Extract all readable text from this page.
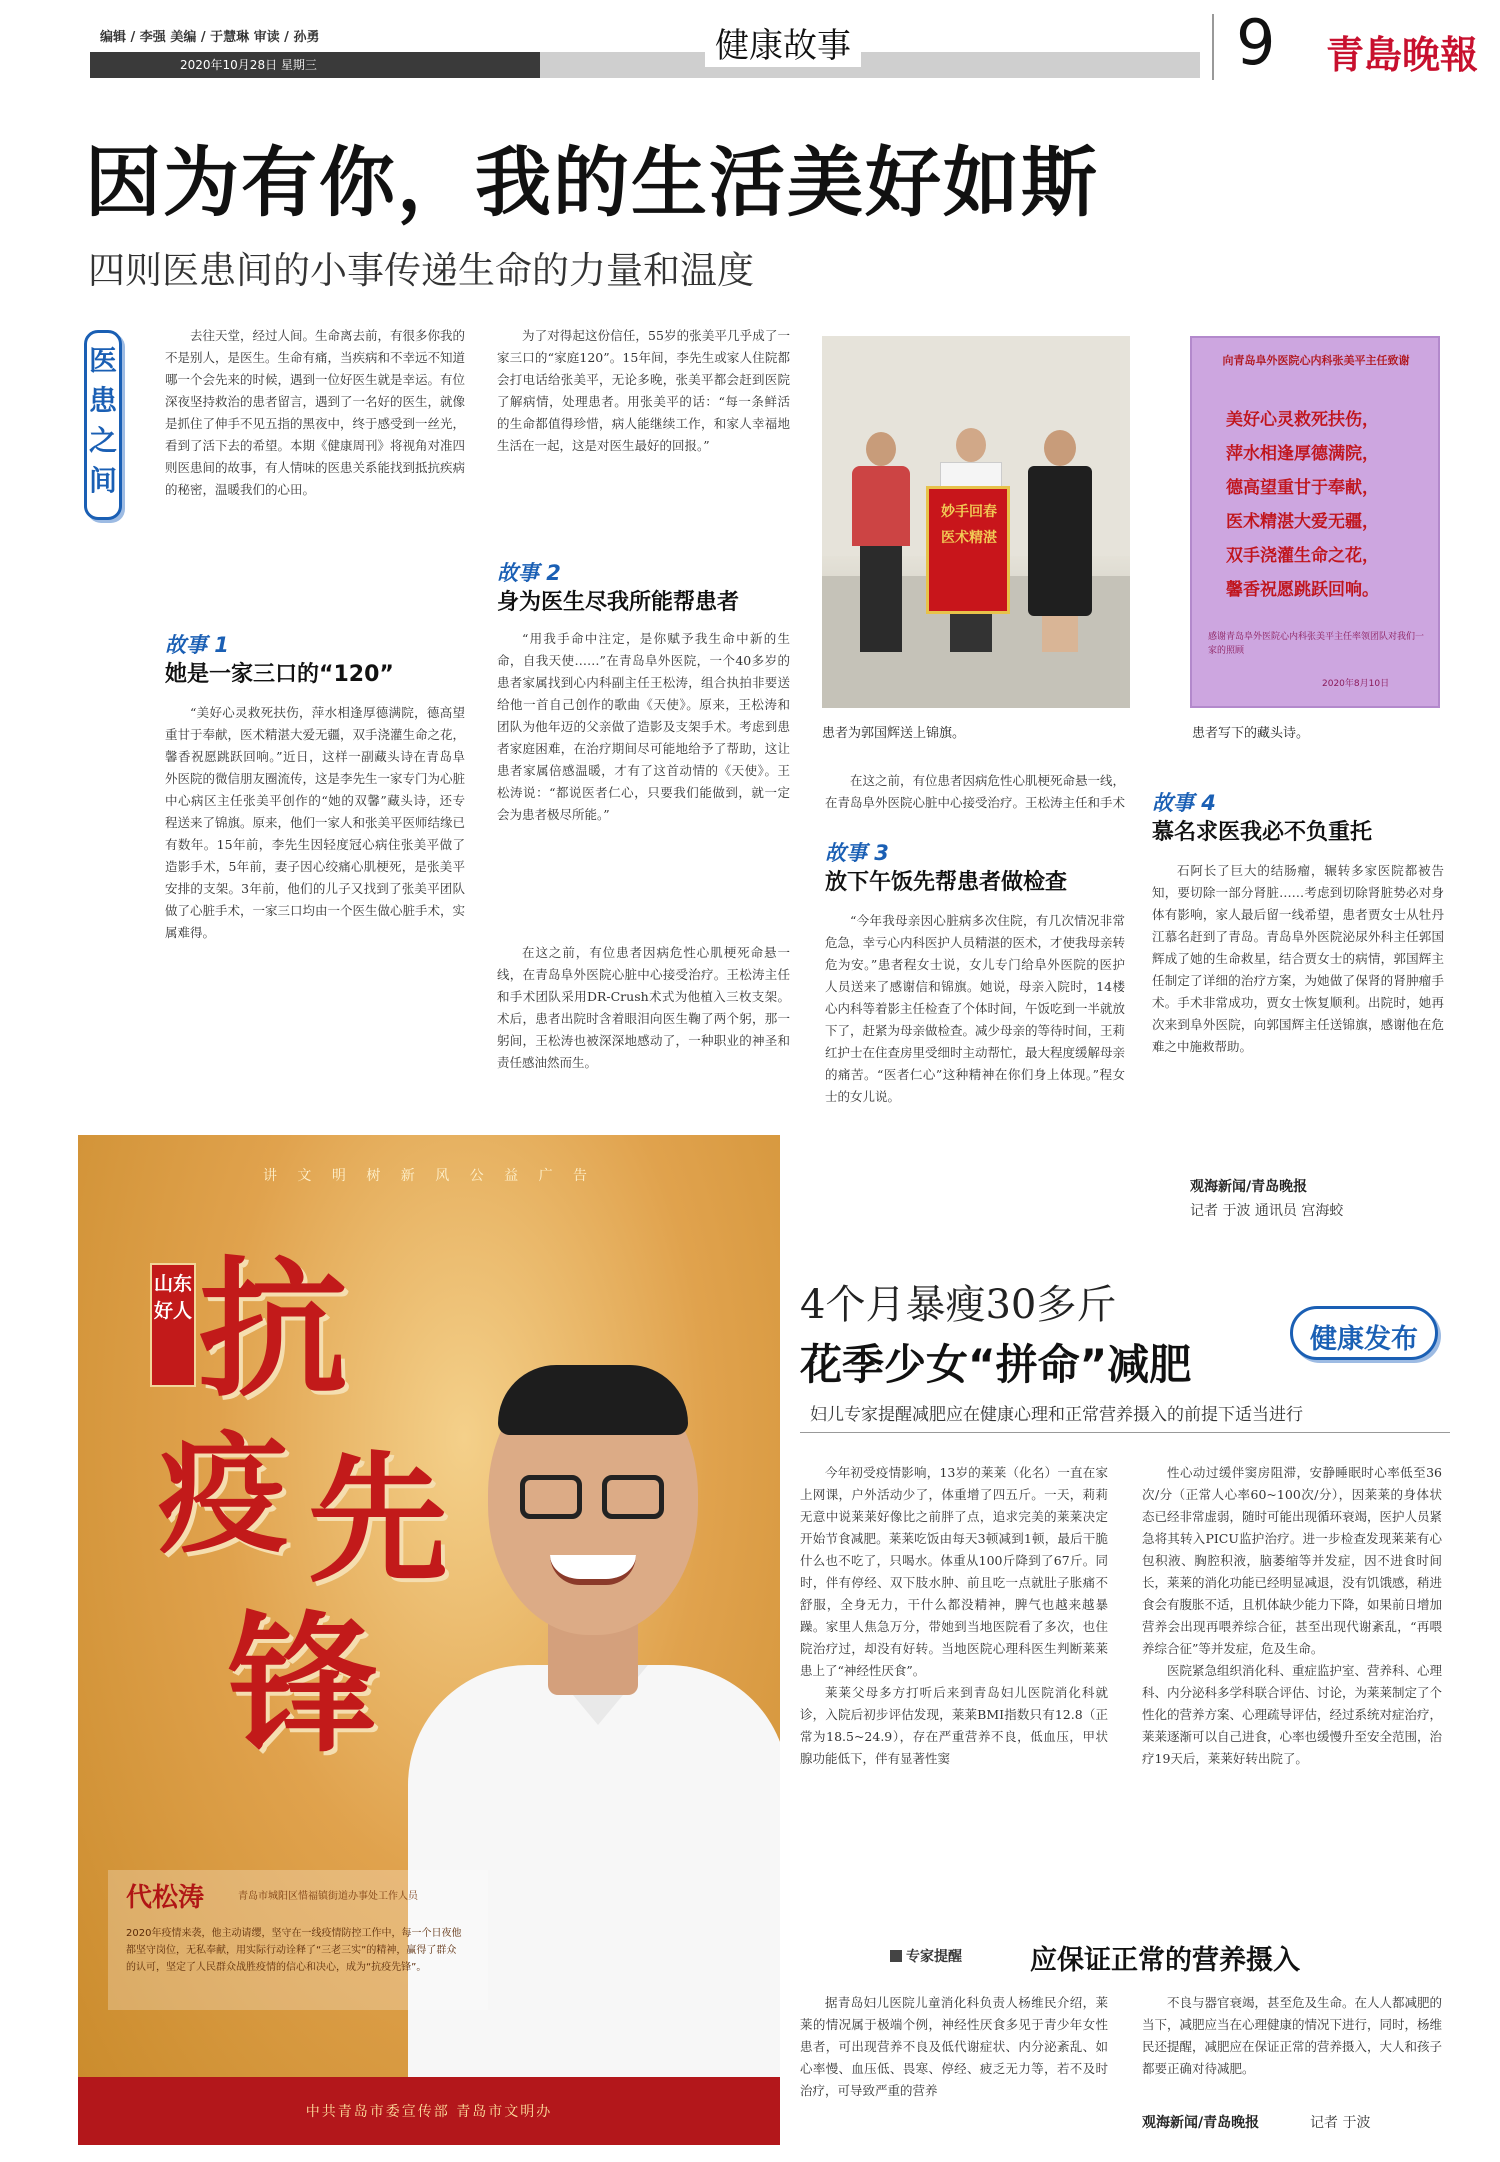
编辑 / 李强 美编 / 于慧琳 审读 / 孙勇
2020年10月28日 星期三	健康故事	9 青島晚報
因为有你，我的生活美好如斯
四则医患间的小事传递生命的力量和温度
医患之间

去往天堂，经过人间。生命离去前，有很多你我的不是别人，是医生。生命有痛，当疾病和不幸远不知道哪一个会先来的时候，遇到一位好医生就是幸运。有位深夜坚持救治的患者留言，遇到了一名好的医生，就像是抓住了伸手不见五指的黑夜中，终于感受到一丝光，看到了活下去的希望。本期《健康周刊》将视角对准四则医患间的故事，有人情味的医患关系能找到抵抗疾病的秘密，温暖我们的心田。

故事 1
她是一家三口的“120”

“美好心灵救死扶伤，萍水相逢厚德满院，德高望重甘于奉献，医术精湛大爱无疆，双手浇灌生命之花，馨香祝愿跳跃回响。”近日，这样一副藏头诗在青岛阜外医院的微信朋友圈流传，这是李先生一家专门为心脏中心病区主任张美平创作的“她的双馨”藏头诗，还专程送来了锦旗。原来，他们一家人和张美平医师结缘已有数年。15年前，李先生因轻度冠心病住张美平做了造影手术，5年前，妻子因心绞痛心肌梗死，是张美平安排的支架。3年前，他们的儿子又找到了张美平团队做了心脏手术，一家三口均由一个医生做心脏手术，实属难得。

为了对得起这份信任，55岁的张美平几乎成了一家三口的“家庭120”。15年间，李先生或家人住院都会打电话给张美平，无论多晚，张美平都会赶到医院了解病情，处理患者。用张美平的话：“每一条鲜活的生命都值得珍惜，病人能继续工作，和家人幸福地生活在一起，这是对医生最好的回报。”

故事 2
身为医生尽我所能帮患者

“用我手命中注定，是你赋予我生命中新的生命，自我天使……”在青岛阜外医院，一个40多岁的患者家属找到心内科副主任王松涛，组合执拍非要送给他一首自己创作的歌曲《天使》。原来，王松涛和团队为他年迈的父亲做了造影及支架手术。考虑到患者家庭困难，在治疗期间尽可能地给予了帮助，这让患者家属倍感温暖，才有了这首动情的《天使》。王松涛说：“都说医者仁心，只要我们能做到，就一定会为患者极尽所能。”

在这之前，有位患者因病危性心肌梗死命悬一线，在青岛阜外医院心脏中心接受治疗。王松涛主任和手术团队采用DR-Crush术式为他植入三枚支架。术后，患者出院时含着眼泪向医生鞠了两个躬，那一躬间，王松涛也被深深地感动了，一种职业的神圣和责任感油然而生。

妙手回春医术精湛
患者为郭国辉送上锦旗。
向青岛阜外医院心内科张美平主任致谢
美好心灵救死扶伤，
萍水相逢厚德满院，
德高望重甘于奉献，
医术精湛大爱无疆，
双手浇灌生命之花，
馨香祝愿跳跃回响。
感谢青岛阜外医院心内科张美平主任率领团队对我们一家的照顾
2020年8月10日
患者写下的藏头诗。

在这之前，有位患者因病危性心肌梗死命悬一线，在青岛阜外医院心脏中心接受治疗。王松涛主任和手术

故事 3
放下午饭先帮患者做检查

“今年我母亲因心脏病多次住院，有几次情况非常危急，幸亏心内科医护人员精湛的医术，才使我母亲转危为安。”患者程女士说，女儿专门给阜外医院的医护人员送来了感谢信和锦旗。她说，母亲入院时，14楼心内科等着影主任检查了个体时间，午饭吃到一半就放下了，赶紧为母亲做检查。减少母亲的等待时间，王莉红护士在住查房里受细时主动帮忙，最大程度缓解母亲的痛苦。“医者仁心”这种精神在你们身上体现。”程女士的女儿说。

故事 4
慕名求医我必不负重托

石阿长了巨大的结肠瘤，辗转多家医院都被告知，要切除一部分肾脏……考虑到切除肾脏势必对身体有影响，家人最后留一线希望，患者贾女士从牡丹江慕名赶到了青岛。青岛阜外医院泌尿外科主任郭国辉成了她的生命救星，结合贾女士的病情，郭国辉主任制定了详细的治疗方案，为她做了保肾的肾肿瘤手术。手术非常成功，贾女士恢复顺利。出院时，她再次来到阜外医院，向郭国辉主任送锦旗，感谢他在危难之中施救帮助。

观海新闻/青岛晚报
记者 于波 通讯员 宫海蛟
讲 文 明 树 新 风 公 益 广 告
山东好人 抗
疫 先
锋
代松涛	青岛市城阳区惜福镇街道办事处工作人员
2020年疫情来袭，他主动请缨，坚守在一线疫情防控工作中，每一个日夜他都坚守岗位，无私奉献，用实际行动诠释了“三老三实”的精神，赢得了群众的认可，坚定了人民群众战胜疫情的信心和决心，成为“抗疫先锋”。
中共青岛市委宣传部 青岛市文明办
4个月暴瘦30多斤
花季少女“拼命”减肥
健康发布
妇儿专家提醒减肥应在健康心理和正常营养摄入的前提下适当进行

今年初受疫情影响，13岁的莱莱（化名）一直在家上网课，户外活动少了，体重增了四五斤。一天，莉莉无意中说莱莱好像比之前胖了点，追求完美的莱莱决定开始节食减肥。莱莱吃饭由每天3顿减到1顿，最后干脆什么也不吃了，只喝水。体重从100斤降到了67斤。同时，伴有停经、双下肢水肿、前且吃一点就肚子胀痛不舒服，全身无力，干什么都没精神，脾气也越来越暴躁。家里人焦急万分，带她到当地医院看了多次，也住院治疗过，却没有好转。当地医院心理科医生判断莱莱患上了“神经性厌食”。

莱莱父母多方打听后来到青岛妇儿医院消化科就诊，入院后初步评估发现，莱莱BMI指数只有12.8（正常为18.5~24.9），存在严重营养不良，低血压，甲状腺功能低下，伴有显著性窦

性心动过缓伴窦房阻滞，安静睡眠时心率低至36次/分（正常人心率60~100次/分），因莱莱的身体状态已经非常虚弱，随时可能出现循环衰竭，医护人员紧急将其转入PICU监护治疗。进一步检查发现莱莱有心包积液、胸腔积液，脑萎缩等并发症，因不进食时间长，莱莱的消化功能已经明显减退，没有饥饿感，稍进食会有腹胀不适，且机体缺少能力下降，如果前日增加营养会出现再喂养综合征，甚至出现代谢紊乱，“再喂养综合征”等并发症，危及生命。

医院紧急组织消化科、重症监护室、营养科、心理科、内分泌科多学科联合评估、讨论，为莱莱制定了个性化的营养方案、心理疏导评估，经过系统对症治疗，莱莱逐渐可以自己进食，心率也缓慢升至安全范围，治疗19天后，莱莱好转出院了。

专家提醒	应保证正常的营养摄入

据青岛妇儿医院儿童消化科负责人杨维民介绍，莱莱的情况属于极端个例，神经性厌食多见于青少年女性患者，可出现营养不良及低代谢症状、内分泌紊乱、如心率慢、血压低、畏寒、停经、疲乏无力等，若不及时治疗，可导致严重的营养

不良与器官衰竭，甚至危及生命。在人人都减肥的当下，减肥应当在心理健康的情况下进行，同时，杨维民还提醒，减肥应在保证正常的营养摄入，大人和孩子都要正确对待减肥。

观海新闻/青岛晚报	记者 于波
